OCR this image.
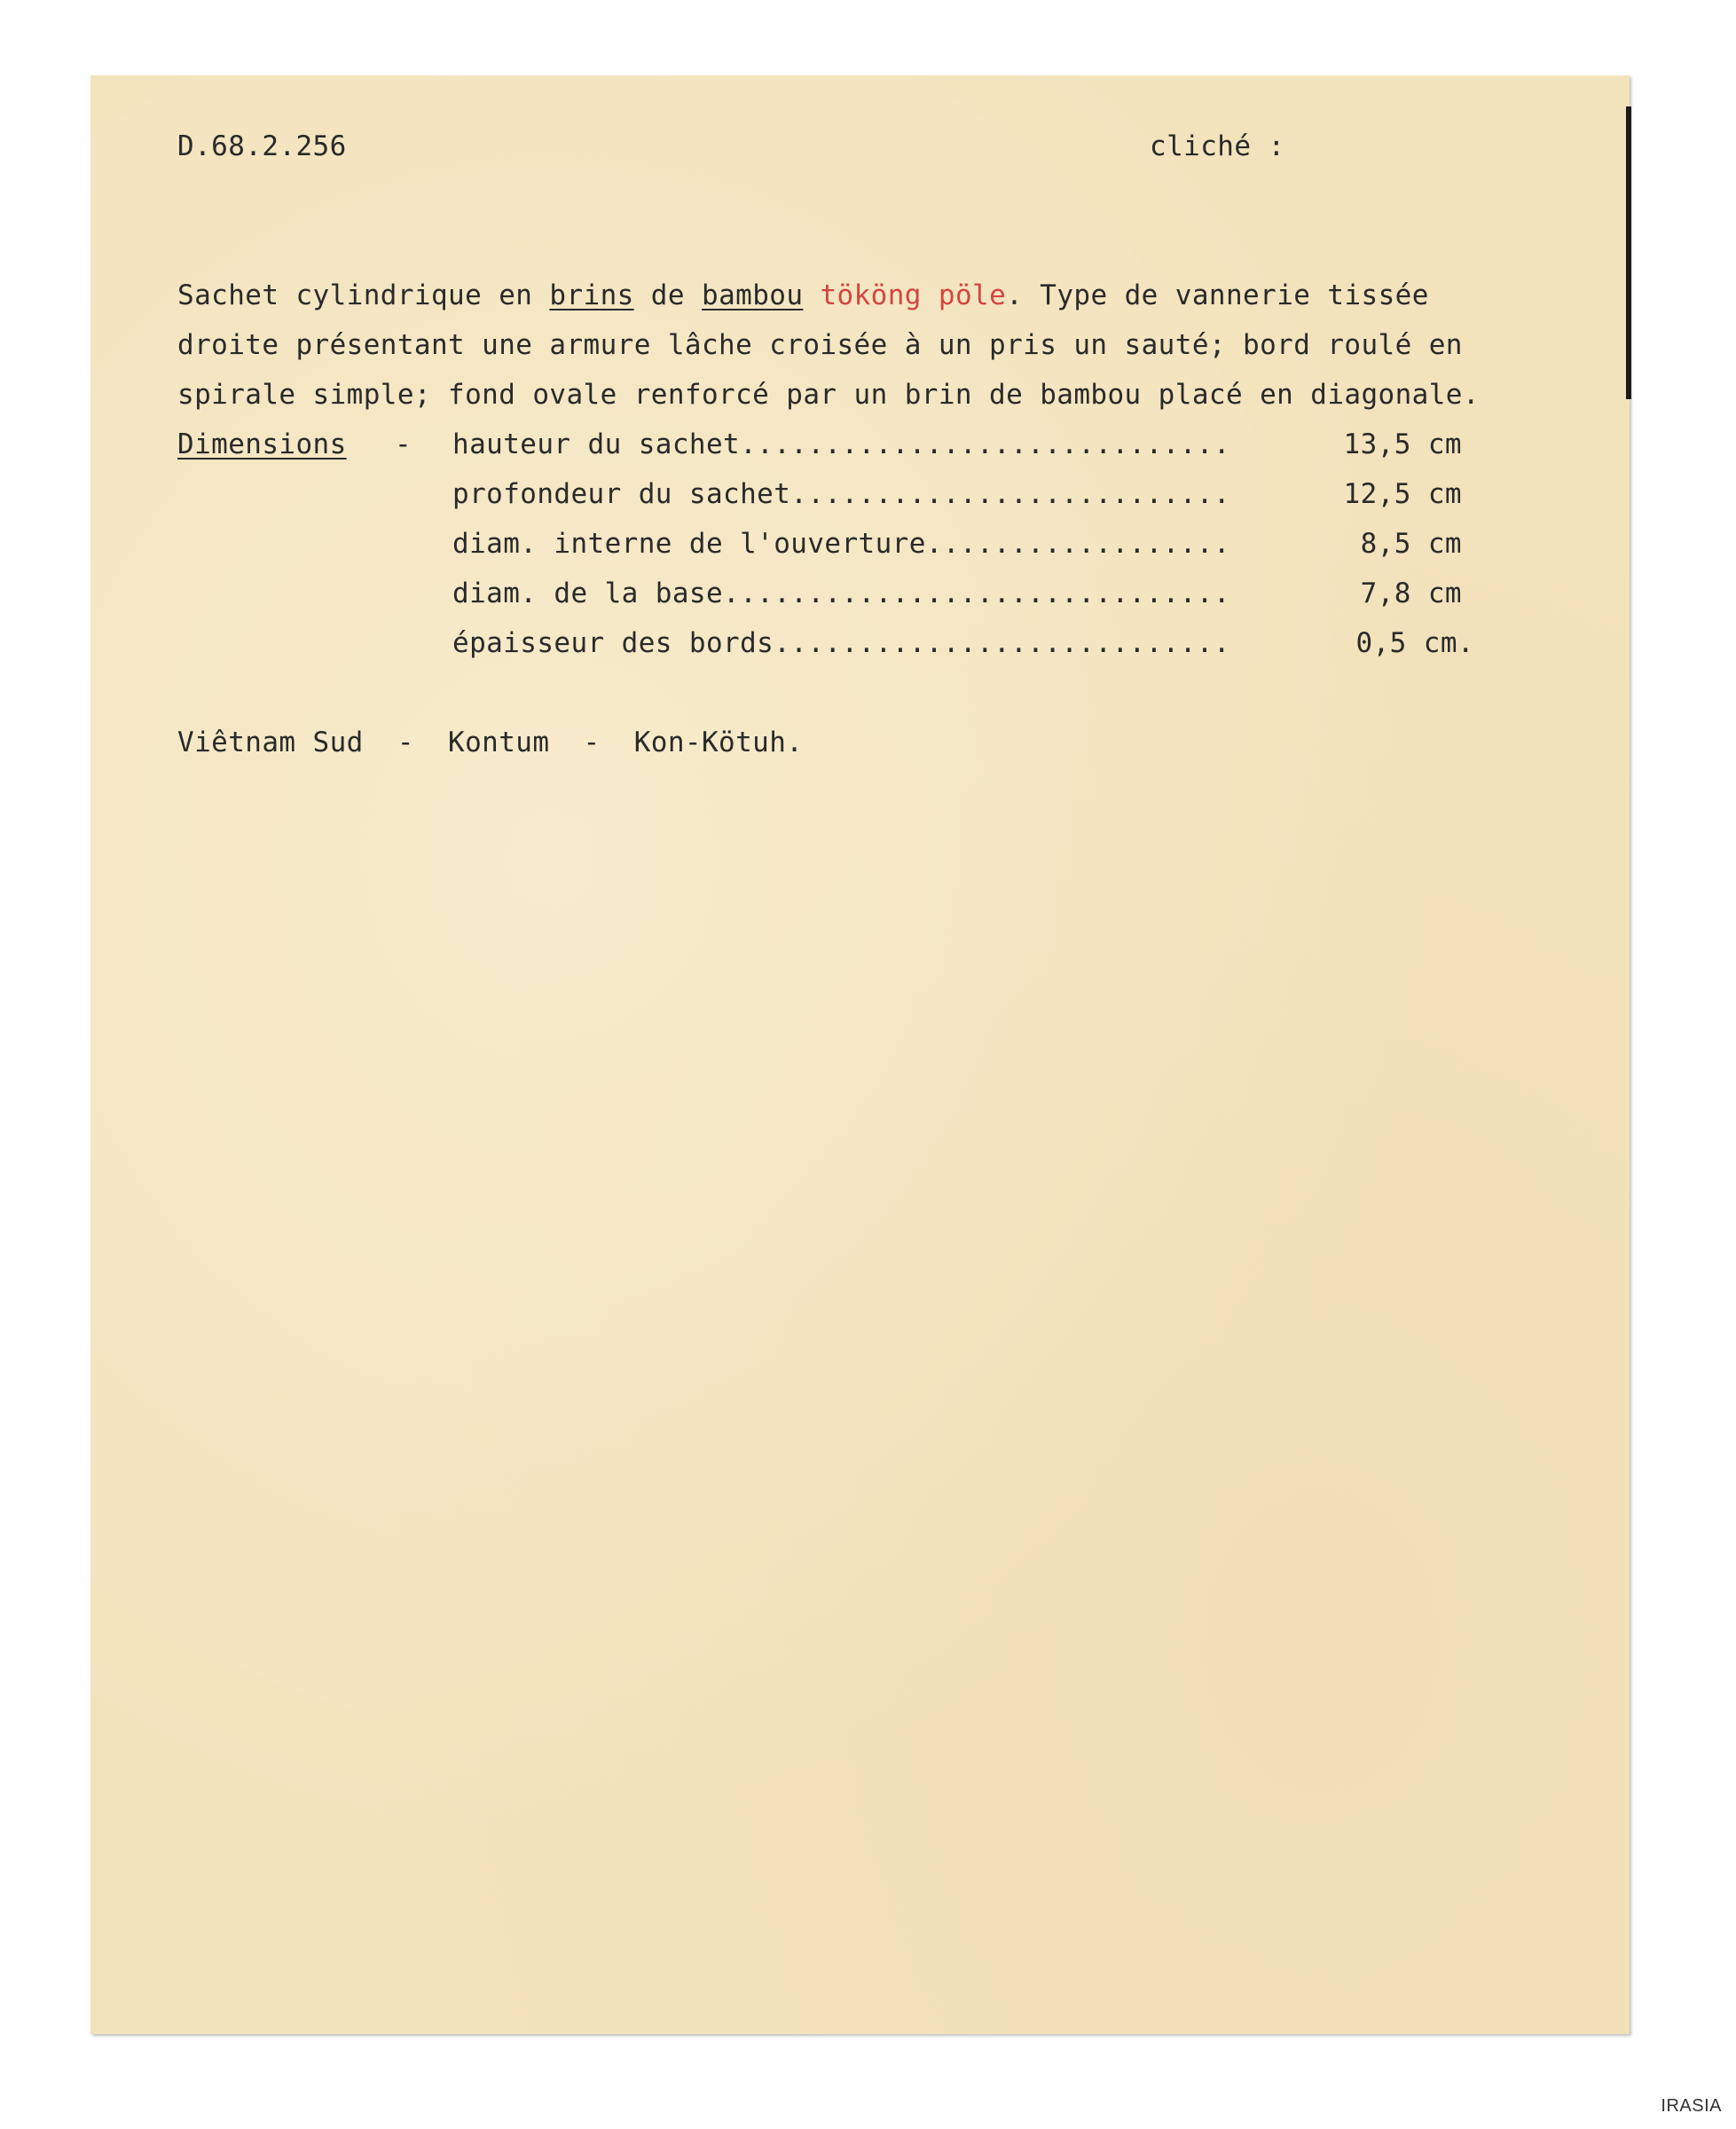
D.68.2.256	cliché :
Sachet cylindrique en brins de bambou tököng pöle. Type de vannerie tissée
droite présentant une armure lâche croisée à un pris un sauté; bord roulé en
spirale simple; fond ovale renforcé par un brin de bambou placé en diagonale.
Dimensions - hauteur du sachet.............................	13,5 cm
profondeur du sachet..........................	12,5 cm
diam. interne de l'ouverture..................	8,5 cm
diam. de la base..............................	7,8 cm
épaisseur des bords...........................	0,5 cm.
Viêtnam Sud  -  Kontum  -  Kon-Kötuh.
IRASIA
